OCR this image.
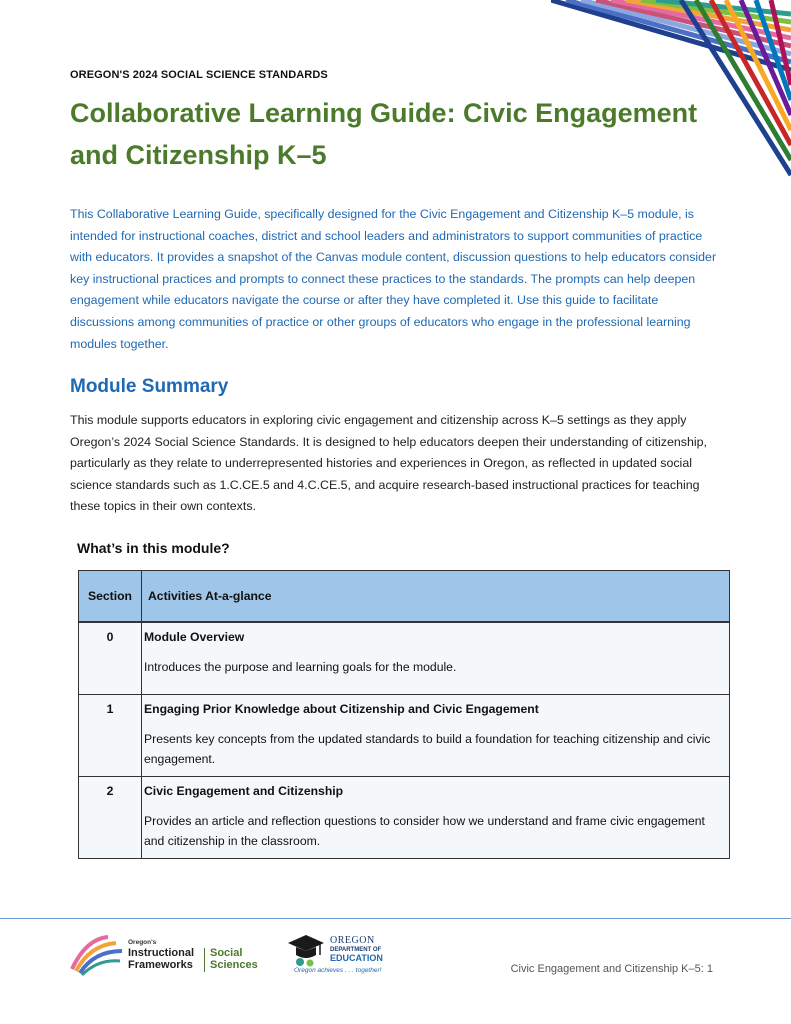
OREGON'S 2024 SOCIAL SCIENCE STANDARDS
Collaborative Learning Guide: Civic Engagement and Citizenship K–5

This Collaborative Learning Guide, specifically designed for the Civic Engagement and Citizenship K–5 module, is intended for instructional coaches, district and school leaders and administrators to support communities of practice with educators. It provides a snapshot of the Canvas module content, discussion questions to help educators consider key instructional practices and prompts to connect these practices to the standards. The prompts can help deepen engagement while educators navigate the course or after they have completed it. Use this guide to facilitate discussions among communities of practice or other groups of educators who engage in the professional learning modules together.

Module Summary

This module supports educators in exploring civic engagement and citizenship across K–5 settings as they apply Oregon’s 2024 Social Science Standards. It is designed to help educators deepen their understanding of citizenship, particularly as they relate to underrepresented histories and experiences in Oregon, as reflected in updated social science standards such as 1.C.CE.5 and 4.C.CE.5, and acquire research-based instructional practices for teaching these topics in their own contexts.

What’s in this module?
Section	Activities At-a-glance
0	Module Overview
Introduces the purpose and learning goals for the module.

1	Engaging Prior Knowledge about Citizenship and Civic Engagement
Presents key concepts from the updated standards to build a foundation for teaching citizenship and civic engagement.

2	Civic Engagement and Citizenship
Provides an article and reflection questions to consider how we understand and frame civic engagement and citizenship in the classroom.
Oregon's
Instructional
Frameworks
Social
Sciences
OREGON
DEPARTMENT OF
EDUCATION
Oregon achieves . . . together!	Civic Engagement and Citizenship K–5: 1
